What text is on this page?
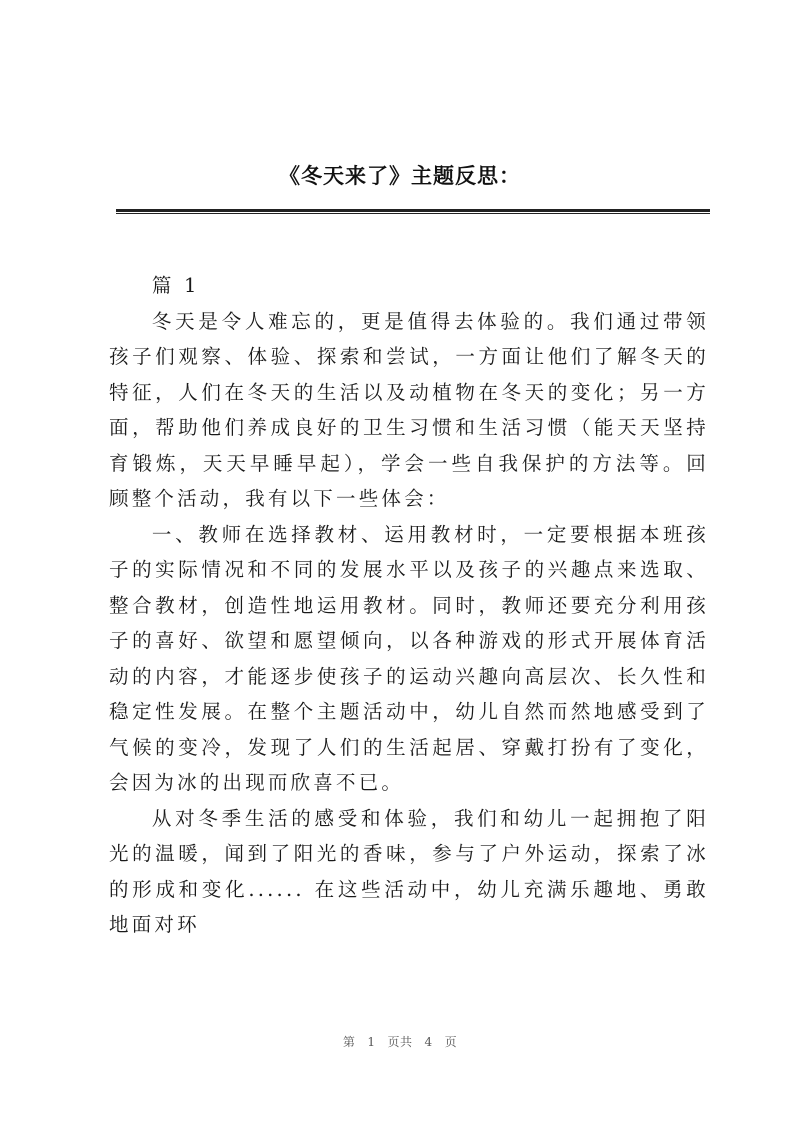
《冬天来了》主题反思：

篇 1

冬天是令人难忘的，更是值得去体验的。我们通过带领孩子们观察、体验、探索和尝试，一方面让他们了解冬天的特征，人们在冬天的生活以及动植物在冬天的变化；另一方面，帮助他们养成良好的卫生习惯和生活习惯（能天天坚持育锻炼，天天早睡早起），学会一些自我保护的方法等。回顾整个活动，我有以下一些体会：

一、教师在选择教材、运用教材时，一定要根据本班孩子的实际情况和不同的发展水平以及孩子的兴趣点来选取、整合教材，创造性地运用教材。同时，教师还要充分利用孩子的喜好、欲望和愿望倾向，以各种游戏的形式开展体育活动的内容，才能逐步使孩子的运动兴趣向高层次、长久性和稳定性发展。在整个主题活动中，幼儿自然而然地感受到了气候的变冷，发现了人们的生活起居、穿戴打扮有了变化，会因为冰的出现而欣喜不已。

从对冬季生活的感受和体验，我们和幼儿一起拥抱了阳光的温暖，闻到了阳光的香味，参与了户外运动，探索了冰的形成和变化...... 在这些活动中，幼儿充满乐趣地、勇敢地面对环

第 1 页共 4 页
